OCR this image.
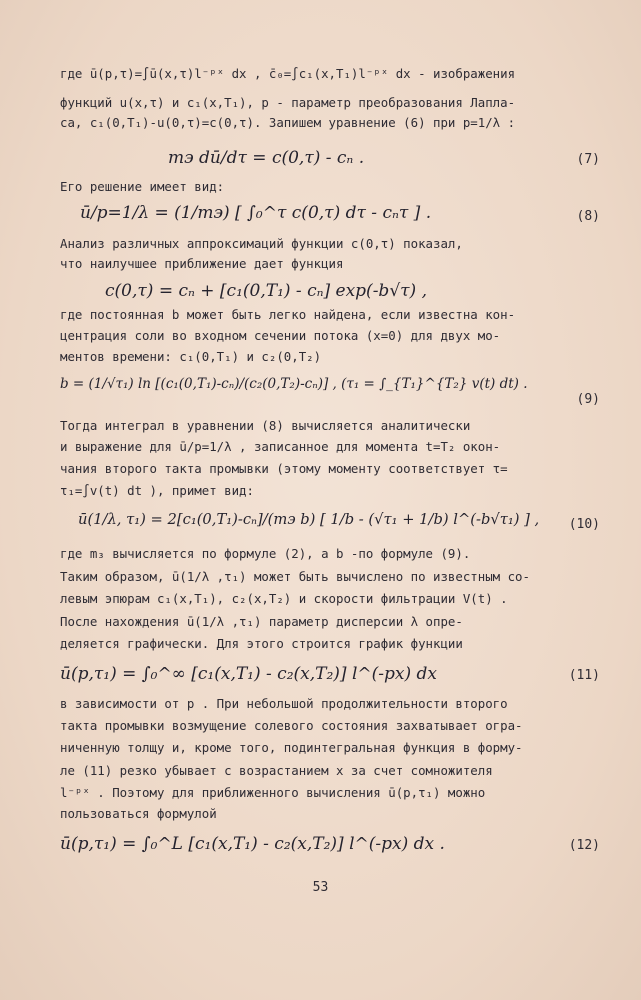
где ū(p,τ)=∫ū(x,τ)l⁻ᵖˣ dx , c̄₀=∫c₁(x,T₁)l⁻ᵖˣ dx - изображения
функций u(x,τ) и c₁(x,T₁), p - параметр преобразования Лапла-
са, c₁(0,T₁)-u(0,τ)=c(0,τ). Запишем уравнение (6) при p=1/λ :
mэ dū/dτ = c(0,τ) - cₙ .	(7)
Его решение имеет вид:
ū/p=1/λ = (1/mэ) [ ∫₀^τ c(0,τ) dτ - cₙτ ] .	(8)
Анализ различных аппроксимаций функции c(0,τ) показал,
что наилучшее приближение дает функция
c(0,τ) = cₙ + [c₁(0,T₁) - cₙ] exp(-b√τ) ,
где постоянная b может быть легко найдена, если известна кон-
центрация соли во входном сечении потока (x=0) для двух мо-
ментов времени: c₁(0,T₁) и c₂(0,T₂)
b = (1/√τ₁) ln [(c₁(0,T₁)-cₙ)/(c₂(0,T₂)-cₙ)] , (τ₁ = ∫_{T₁}^{T₂} v(t) dt) .
(9)
Тогда интеграл в уравнении (8) вычисляется аналитически
и выражение для ū/p=1/λ , записанное для момента t=T₂ окон-
чания второго такта промывки (этому моменту соответствует τ=
τ₁=∫v(t) dt ), примет вид:
ū(1/λ, τ₁) = 2[c₁(0,T₁)-cₙ]/(mэ b) [ 1/b - (√τ₁ + 1/b) l^(-b√τ₁) ] , (10)
где m₃ вычисляется по формуле (2), а b -по формуле (9).
Таким образом, ū(1/λ ,τ₁) может быть вычислено по известным со-
левым эпюрам c₁(x,T₁), c₂(x,T₂) и скорости фильтрации V(t) .
После нахождения ū(1/λ ,τ₁) параметр дисперсии λ опре-
деляется графически. Для этого строится график функции
ū(p,τ₁) = ∫₀^∞ [c₁(x,T₁) - c₂(x,T₂)] l^(-px) dx	(11)
в зависимости от p . При небольшой продолжительности второго
такта промывки возмущение солевого состояния захватывает огра-
ниченную толщу и, кроме того, подинтегральная функция в форму-
ле (11) резко убывает с возрастанием x за счет сомножителя
l⁻ᵖˣ . Поэтому для приближенного вычисления ū(p,τ₁) можно
пользоваться формулой
ū(p,τ₁) = ∫₀^L [c₁(x,T₁) - c₂(x,T₂)] l^(-px) dx .	(12)
53
